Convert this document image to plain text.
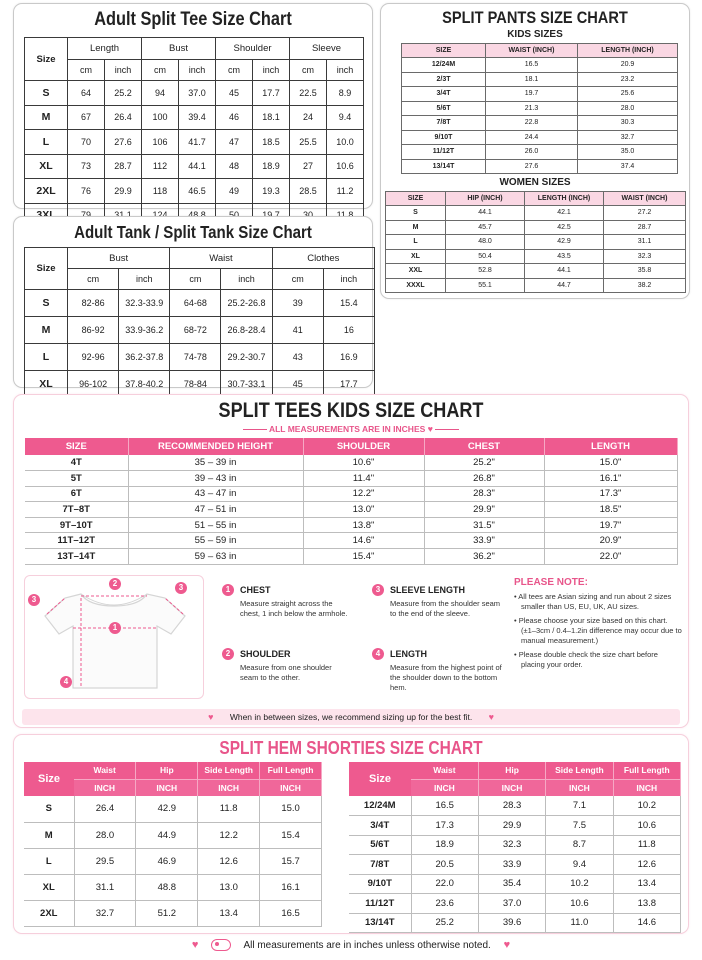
Adult Split Tee Size Chart
Size	Length		Bust		Shoulder		Sleeve	
	cm	inch	cm	inch	cm	inch	cm	inch
S	64	25.2	94	37.0	45	17.7	22.5	8.9
M	67	26.4	100	39.4	46	18.1	24	9.4
L	70	27.6	106	41.7	47	18.5	25.5	10.0
XL	73	28.7	112	44.1	48	18.9	27	10.6
2XL	76	29.9	118	46.5	49	19.3	28.5	11.2

Adult Tank / Split Tank Size Chart
Size	Bust		Waist		Clothes	
	cm	inch	cm	inch	cm	inch
S	82-86	32.3-33.9	64-68	25.2-26.8	39	15.4
M	86-92	33.9-36.2	68-72	26.8-28.4	41	16
L	92-96	36.2-37.8	74-78	29.2-30.7	43	16.9
XL	96-102	37.8-40.2	78-84	30.7-33.1	45	17.7
SPLIT PANTS SIZE CHART
KIDS SIZES
SIZE	WAIST (INCH)	LENGTH (INCH)
12/24M	16.5	20.9
2/3T	18.1	23.2
3/4T	19.7	25.6
5/6T	21.3	28.0
7/8T	22.8	30.3
9/10T	24.4	32.7
11/12T	26.0	35.0
13/14T	27.6	37.4
WOMEN SIZES
SIZE	HIP (INCH)	LENGTH (INCH)	WAIST (INCH)
S	44.1	42.1	27.2
M	45.7	42.5	28.7
L	48.0	42.9	31.1
XL	50.4	43.5	32.3
XXL	52.8	44.1	35.8
XXXL	55.1	44.7	38.2
SPLIT TEES KIDS SIZE CHART
ALL MEASUREMENTS ARE IN INCHES ♥
SIZE	RECOMMENDED HEIGHT	SHOULDER	CHEST	LENGTH
4T	35 – 39 in	10.6"	25.2"	15.0"
5T	39 – 43 in	11.4"	26.8"	16.1"
6T	43 – 47 in	12.2"	28.3"	17.3"
7T–8T	47 – 51 in	13.0"	29.9"	18.5"
9T–10T	51 – 55 in	13.8"	31.5"	19.7"
11T–12T	55 – 59 in	14.6"	33.9"	20.9"
13T–14T	59 – 63 in	15.4"	36.2"	22.0"
1
2
3
3
4
1	CHEST
Measure straight across the chest, 1 inch below the armhole.
3	SLEEVE LENGTH
Measure from the shoulder seam to the end of the sleeve.
2	SHOULDER
Measure from one shoulder seam to the other.
4	LENGTH
Measure from the highest point of the shoulder down to the bottom hem.
PLEASE NOTE:
• All tees are Asian sizing and run about 2 sizes smaller than US, EU, UK, AU sizes.
• Please choose your size based on this chart. (±1–3cm / 0.4–1.2in difference may occur due to manual measurement.)
• Please double check the size chart before placing your order.
♥ When in between sizes, we recommend sizing up for the best fit. ♥
SPLIT HEM SHORTIES SIZE CHART
Size	Waist	Hip	Side Length	Full Length
	INCH	INCH	INCH	INCH
S	26.4	42.9	11.8	15.0
M	28.0	44.9	12.2	15.4
L	29.5	46.9	12.6	15.7
XL	31.1	48.8	13.0	16.1
2XL	32.7	51.2	13.4	16.5
Size	Waist	Hip	Side Length	Full Length
	INCH	INCH	INCH	INCH
12/24M	16.5	28.3	7.1	10.2
3/4T	17.3	29.9	7.5	10.6
5/6T	18.9	32.3	8.7	11.8
7/8T	20.5	33.9	9.4	12.6
9/10T	22.0	35.4	10.2	13.4
11/12T	23.6	37.0	10.6	13.8
13/14T	25.2	39.6	11.0	14.6
♥	All measurements are in inches unless otherwise noted. ♥
